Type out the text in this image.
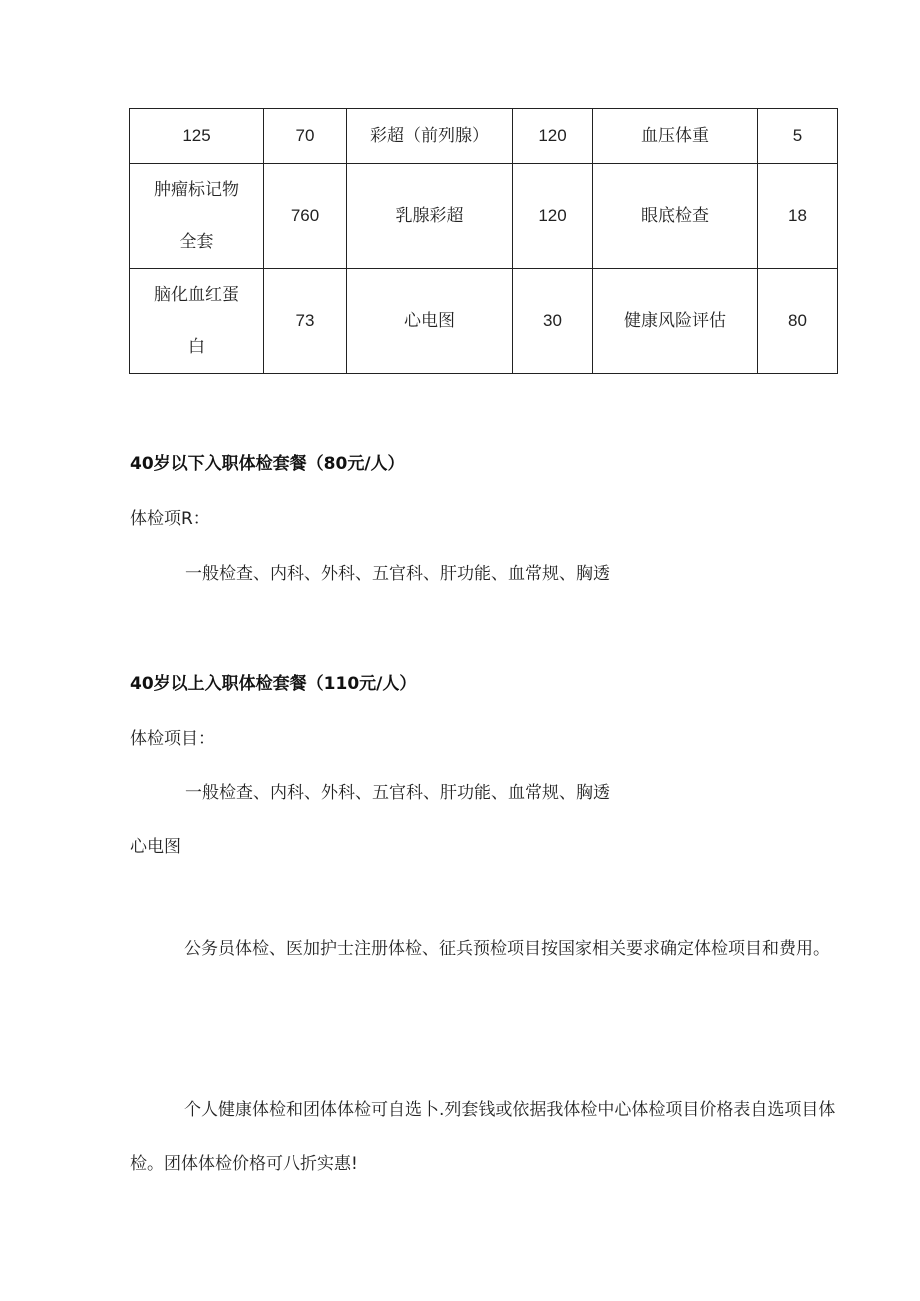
125	70	彩超（前列腺）	120	血压体重	5
肿瘤标记物全套	760	乳腺彩超	120	眼底检查	18
脑化血红蛋白	73	心电图	30	健康风险评估	80
40岁以下入职体检套餐（80元/人）
体检项R：
一般检查、内科、外科、五官科、肝功能、血常规、胸透
40岁以上入职体检套餐（110元/人）
体检项目：
一般检查、内科、外科、五官科、肝功能、血常规、胸透
心电图

公务员体检、医加护士注册体检、征兵预检项目按国家相关要求确定体检项目和费用。

个人健康体检和团体体检可自选卜.列套钱或依据我体检中心体检项目价格表自选项目体检。团体体检价格可八折实惠!
